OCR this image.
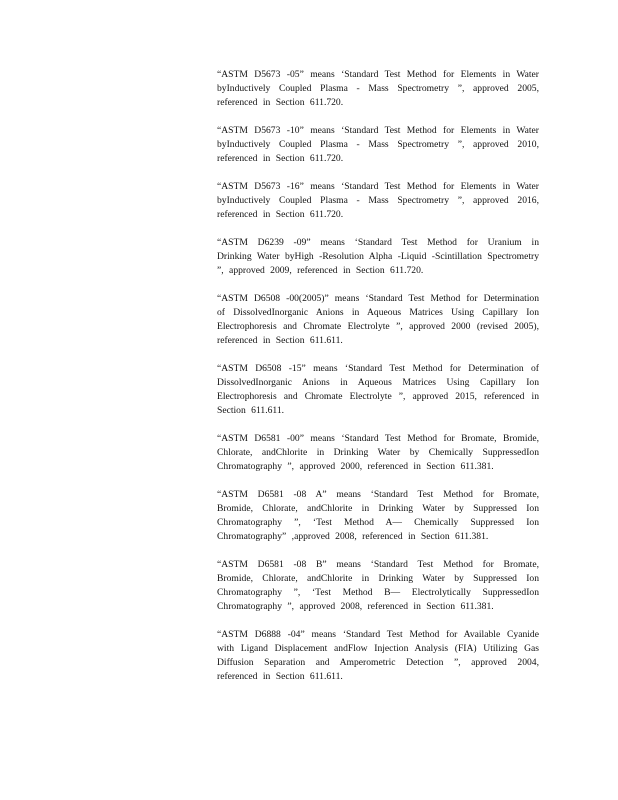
“ASTM D5673 -05” means ‘Standard Test Method for Elements in Water byInductively Coupled Plasma - Mass Spectrometry ”, approved 2005, referenced in Section 611.720.

“ASTM D5673 -10” means ‘Standard Test Method for Elements in Water byInductively Coupled Plasma - Mass Spectrometry ”, approved 2010, referenced in Section 611.720.

“ASTM D5673 -16” means ‘Standard Test Method for Elements in Water byInductively Coupled Plasma - Mass Spectrometry ”, approved 2016, referenced in Section 611.720.

“ASTM D6239 -09” means ‘Standard Test Method for Uranium in Drinking Water byHigh -Resolution Alpha -Liquid -Scintillation Spectrometry ”, approved 2009, referenced in Section 611.720.

“ASTM D6508 -00(2005)” means ‘Standard Test Method for Determination of DissolvedInorganic Anions in Aqueous Matrices Using Capillary Ion Electrophoresis and Chromate Electrolyte ”, approved 2000 (revised 2005), referenced in Section 611.611.

“ASTM D6508 -15” means ‘Standard Test Method for Determination of DissolvedInorganic Anions in Aqueous Matrices Using Capillary Ion Electrophoresis and Chromate Electrolyte ”, approved 2015, referenced in Section 611.611.

“ASTM D6581 -00” means ‘Standard Test Method for Bromate, Bromide, Chlorate, andChlorite in Drinking Water by Chemically SuppressedIon Chromatography ”, approved 2000, referenced in Section 611.381.

“ASTM D6581 -08 A” means ‘Standard Test Method for Bromate, Bromide, Chlorate, andChlorite in Drinking Water by Suppressed Ion Chromatography ”, ‘Test Method A— Chemically Suppressed Ion Chromatography” ,approved 2008, referenced in Section 611.381.

“ASTM D6581 -08 B” means ‘Standard Test Method for Bromate, Bromide, Chlorate, andChlorite in Drinking Water by Suppressed Ion Chromatography ”, ‘Test Method B— Electrolytically SuppressedIon Chromatography ”, approved 2008, referenced in Section 611.381.

“ASTM D6888 -04” means ‘Standard Test Method for Available Cyanide with Ligand Displacement andFlow Injection Analysis (FIA) Utilizing Gas Diffusion Separation and Amperometric Detection ”, approved 2004, referenced in Section 611.611.
